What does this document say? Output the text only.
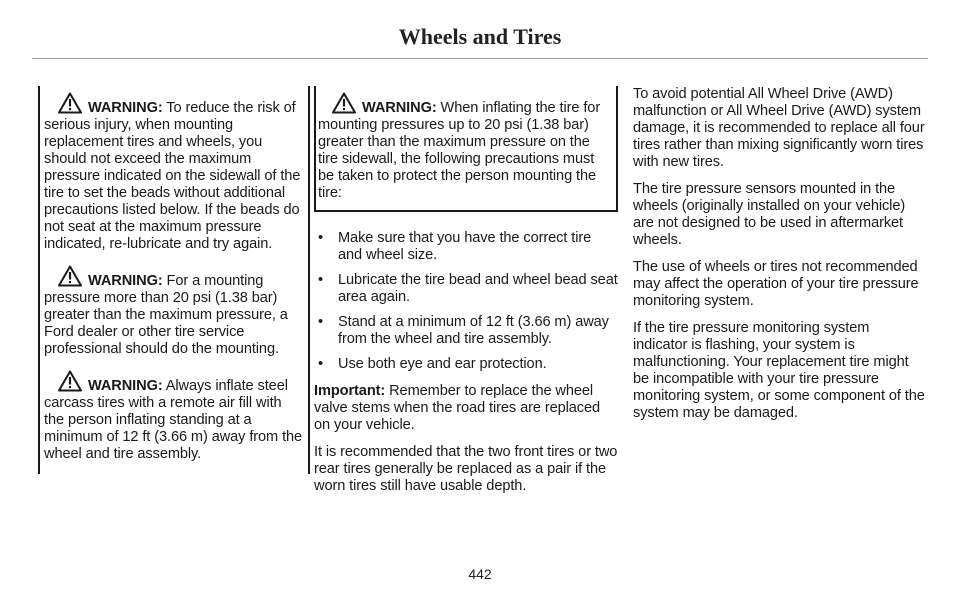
Wheels and Tires

WARNING: To reduce the risk of serious injury, when mounting replacement tires and wheels, you should not exceed the maximum pressure indicated on the sidewall of the tire to set the beads without additional precautions listed below. If the beads do not seat at the maximum pressure indicated, re-lubricate and try again.

WARNING: For a mounting pressure more than 20 psi (1.38 bar) greater than the maximum pressure, a Ford dealer or other tire service professional should do the mounting.

WARNING: Always inflate steel carcass tires with a remote air fill with the person inflating standing at a minimum of 12 ft (3.66 m) away from the wheel and tire assembly.

WARNING: When inflating the tire for mounting pressures up to 20 psi (1.38 bar) greater than the maximum pressure on the tire sidewall, the following precautions must be taken to protect the person mounting the tire:

•	Make sure that you have the correct tire and wheel size.
•	Lubricate the tire bead and wheel bead seat area again.
•	Stand at a minimum of 12 ft (3.66 m) away from the wheel and tire assembly.
•	Use both eye and ear protection.

Important: Remember to replace the wheel valve stems when the road tires are replaced on your vehicle.

It is recommended that the two front tires or two rear tires generally be replaced as a pair if the worn tires still have usable depth.

To avoid potential All Wheel Drive (AWD) malfunction or All Wheel Drive (AWD) system damage, it is recommended to replace all four tires rather than mixing significantly worn tires with new tires.

The tire pressure sensors mounted in the wheels (originally installed on your vehicle) are not designed to be used in aftermarket wheels.

The use of wheels or tires not recommended may affect the operation of your tire pressure monitoring system.

If the tire pressure monitoring system indicator is flashing, your system is malfunctioning. Your replacement tire might be incompatible with your tire pressure monitoring system, or some component of the system may be damaged.

442
